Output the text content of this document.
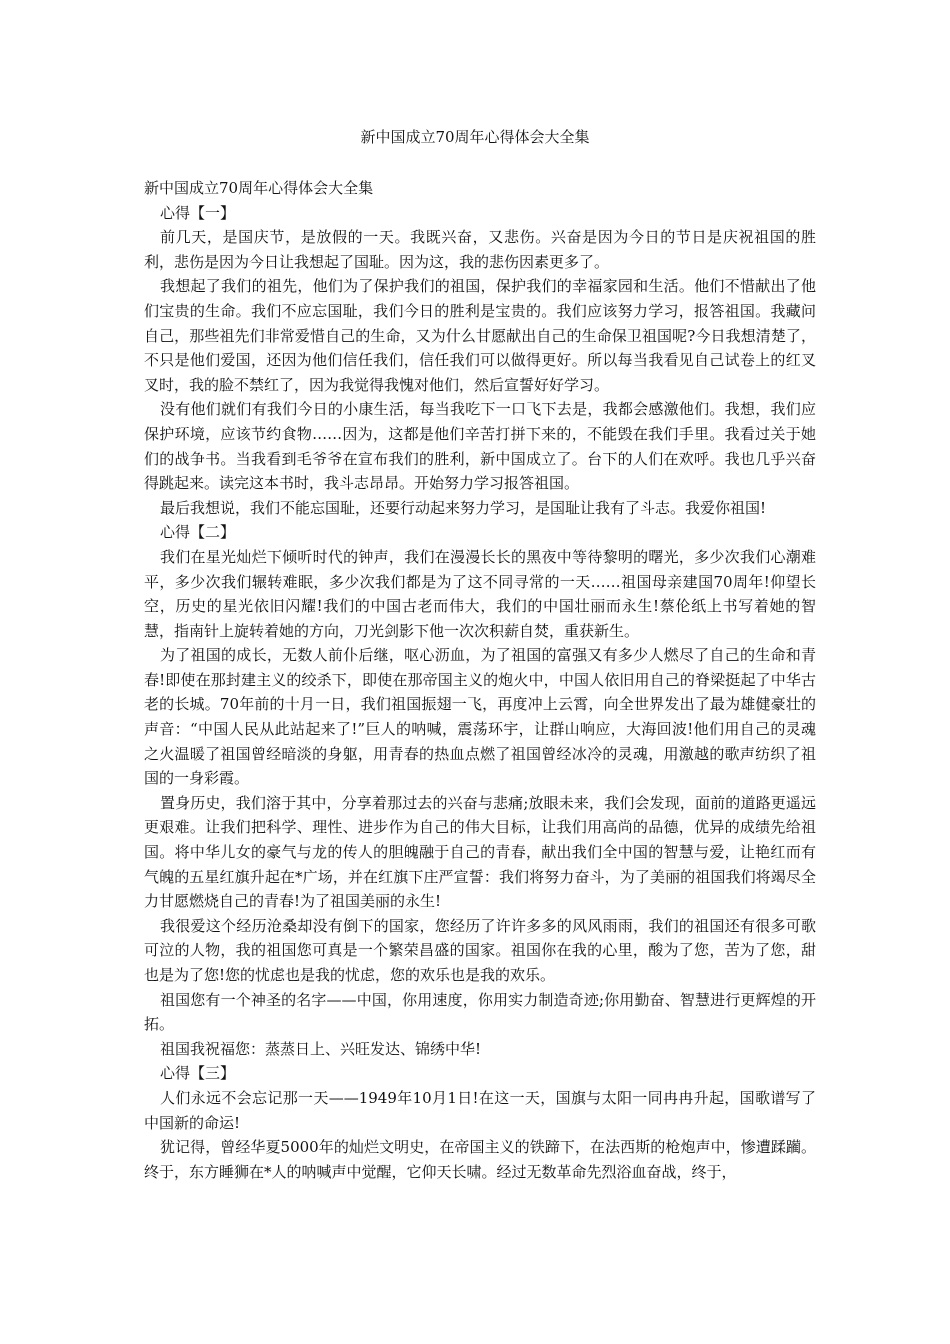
新中国成立70周年心得体会大全集

新中国成立70周年心得体会大全集

心得【一】

前几天，是国庆节，是放假的一天。我既兴奋，又悲伤。兴奋是因为今日的节日是庆祝祖国的胜利，悲伤是因为今日让我想起了国耻。因为这，我的悲伤因素更多了。

我想起了我们的祖先，他们为了保护我们的祖国，保护我们的幸福家园和生活。他们不惜献出了他们宝贵的生命。我们不应忘国耻，我们今日的胜利是宝贵的。我们应该努力学习，报答祖国。我藏问自己，那些祖先们非常爱惜自己的生命，又为什么甘愿献出自己的生命保卫祖国呢?今日我想清楚了，不只是他们爱国，还因为他们信任我们，信任我们可以做得更好。所以每当我看见自己试卷上的红叉叉时，我的脸不禁红了，因为我觉得我愧对他们，然后宣誓好好学习。

没有他们就们有我们今日的小康生活，每当我吃下一口飞下去是，我都会感激他们。我想，我们应保护环境，应该节约食物……因为，这都是他们辛苦打拼下来的，不能毁在我们手里。我看过关于她们的战争书。当我看到毛爷爷在宣布我们的胜利，新中国成立了。台下的人们在欢呼。我也几乎兴奋得跳起来。读完这本书时，我斗志昂昂。开始努力学习报答祖国。

最后我想说，我们不能忘国耻，还要行动起来努力学习，是国耻让我有了斗志。我爱你祖国!

心得【二】

我们在星光灿烂下倾听时代的钟声，我们在漫漫长长的黑夜中等待黎明的曙光，多少次我们心潮难平，多少次我们辗转难眠，多少次我们都是为了这不同寻常的一天……祖国母亲建国70周年!仰望长空，历史的星光依旧闪耀!我们的中国古老而伟大，我们的中国壮丽而永生!蔡伦纸上书写着她的智慧，指南针上旋转着她的方向，刀光剑影下他一次次积薪自焚，重获新生。

为了祖国的成长，无数人前仆后继，呕心沥血，为了祖国的富强又有多少人燃尽了自己的生命和青春!即使在那封建主义的绞杀下，即使在那帝国主义的炮火中，中国人依旧用自己的脊梁挺起了中华古老的长城。70年前的十月一日，我们祖国振翅一飞，再度冲上云霄，向全世界发出了最为雄健豪壮的声音：“中国人民从此站起来了!”巨人的呐喊，震荡环宇，让群山响应，大海回波!他们用自己的灵魂之火温暖了祖国曾经暗淡的身躯，用青春的热血点燃了祖国曾经冰冷的灵魂，用激越的歌声纺织了祖国的一身彩霞。

置身历史，我们溶于其中，分享着那过去的兴奋与悲痛;放眼未来，我们会发现，面前的道路更遥远更艰难。让我们把科学、理性、进步作为自己的伟大目标，让我们用高尚的品德，优异的成绩先给祖国。将中华儿女的豪气与龙的传人的胆魄融于自己的青春，献出我们全中国的智慧与爱，让艳红而有气魄的五星红旗升起在*广场，并在红旗下庄严宣誓：我们将努力奋斗，为了美丽的祖国我们将竭尽全力甘愿燃烧自己的青春!为了祖国美丽的永生!

我很爱这个经历沧桑却没有倒下的国家，您经历了许许多多的风风雨雨，我们的祖国还有很多可歌可泣的人物，我的祖国您可真是一个繁荣昌盛的国家。祖国你在我的心里，酸为了您，苦为了您，甜也是为了您!您的忧虑也是我的忧虑，您的欢乐也是我的欢乐。

祖国您有一个神圣的名字——中国，你用速度，你用实力制造奇迹;你用勤奋、智慧进行更辉煌的开拓。

祖国我祝福您：蒸蒸日上、兴旺发达、锦绣中华!

心得【三】

人们永远不会忘记那一天——1949年10月1日!在这一天，国旗与太阳一同冉冉升起，国歌谱写了中国新的命运!

犹记得，曾经华夏5000年的灿烂文明史，在帝国主义的铁蹄下，在法西斯的枪炮声中，惨遭蹂躏。终于，东方睡狮在*人的呐喊声中觉醒，它仰天长啸。经过无数革命先烈浴血奋战，终于，
